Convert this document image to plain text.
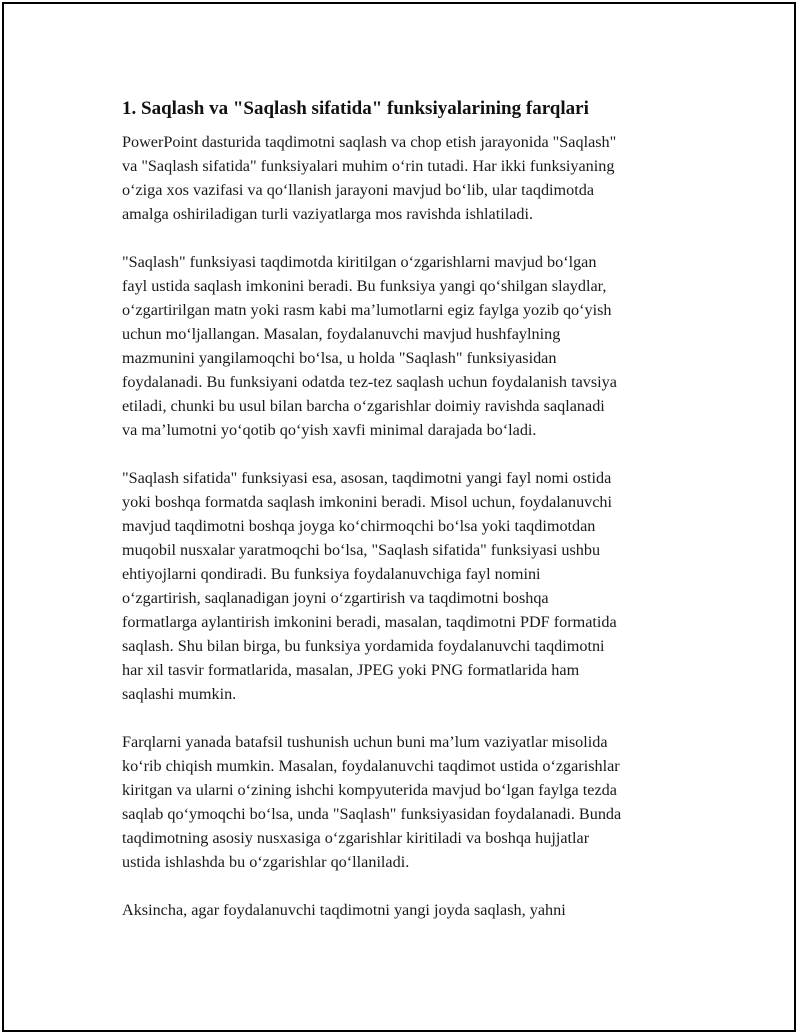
1. Saqlash va "Saqlash sifatida" funksiyalarining farqlari

PowerPoint dasturida taqdimotni saqlash va chop etish jarayonida "Saqlash"
va "Saqlash sifatida" funksiyalari muhim o‘rin tutadi. Har ikki funksiyaning
o‘ziga xos vazifasi va qo‘llanish jarayoni mavjud bo‘lib, ular taqdimotda
amalga oshiriladigan turli vaziyatlarga mos ravishda ishlatiladi.

"Saqlash" funksiyasi taqdimotda kiritilgan o‘zgarishlarni mavjud bo‘lgan
fayl ustida saqlash imkonini beradi. Bu funksiya yangi qo‘shilgan slaydlar,
o‘zgartirilgan matn yoki rasm kabi ma’lumotlarni egiz faylga yozib qo‘yish
uchun mo‘ljallangan. Masalan, foydalanuvchi mavjud hushfaylning
mazmunini yangilamoqchi bo‘lsa, u holda "Saqlash" funksiyasidan
foydalanadi. Bu funksiyani odatda tez-tez saqlash uchun foydalanish tavsiya
etiladi, chunki bu usul bilan barcha o‘zgarishlar doimiy ravishda saqlanadi
va ma’lumotni yo‘qotib qo‘yish xavfi minimal darajada bo‘ladi.

"Saqlash sifatida" funksiyasi esa, asosan, taqdimotni yangi fayl nomi ostida
yoki boshqa formatda saqlash imkonini beradi. Misol uchun, foydalanuvchi
mavjud taqdimotni boshqa joyga ko‘chirmoqchi bo‘lsa yoki taqdimotdan
muqobil nusxalar yaratmoqchi bo‘lsa, "Saqlash sifatida" funksiyasi ushbu
ehtiyojlarni qondiradi. Bu funksiya foydalanuvchiga fayl nomini
o‘zgartirish, saqlanadigan joyni o‘zgartirish va taqdimotni boshqa
formatlarga aylantirish imkonini beradi, masalan, taqdimotni PDF formatida
saqlash. Shu bilan birga, bu funksiya yordamida foydalanuvchi taqdimotni
har xil tasvir formatlarida, masalan, JPEG yoki PNG formatlarida ham
saqlashi mumkin.

Farqlarni yanada batafsil tushunish uchun buni ma’lum vaziyatlar misolida
ko‘rib chiqish mumkin. Masalan, foydalanuvchi taqdimot ustida o‘zgarishlar
kiritgan va ularni o‘zining ishchi kompyuterida mavjud bo‘lgan faylga tezda
saqlab qo‘ymoqchi bo‘lsa, unda "Saqlash" funksiyasidan foydalanadi. Bunda
taqdimotning asosiy nusxasiga o‘zgarishlar kiritiladi va boshqa hujjatlar
ustida ishlashda bu o‘zgarishlar qo‘llaniladi.

Aksincha, agar foydalanuvchi taqdimotni yangi joyda saqlash, yahni
